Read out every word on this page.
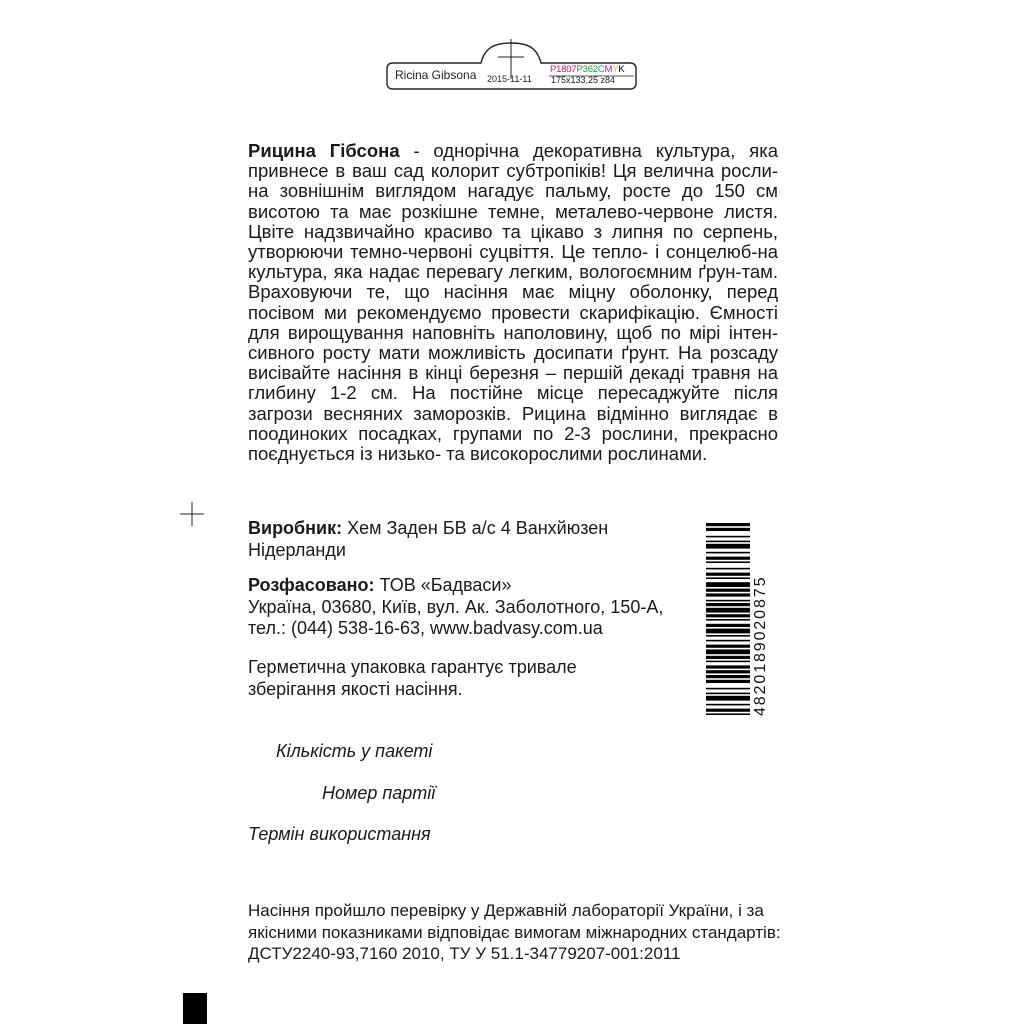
Ricina Gibsona 2015-11-11
P1807P362CMYK
175x133,25 z84

Рицина Гібсона - однорічна декоративна культура, яка привнесе в ваш сад колорит субтропіків! Ця велична росли-на зовнішнім виглядом нагадує пальму, росте до 150 см висотою та має розкішне темне, металево-червоне листя. Цвіте надзвичайно красиво та цікаво з липня по серпень, утворюючи темно-червоні суцвіття. Це тепло- і сонцелюб-на культура, яка надає перевагу легким, вологоємним ґрун-там. Враховуючи те, що насіння має міцну оболонку, перед посівом ми рекомендуємо провести скарифікацію. Ємності для вирощування наповніть наполовину, щоб по мірі інтен-сивного росту мати можливість досипати ґрунт. На розсаду висівайте насіння в кінці березня – першій декаді травня на глибину 1-2 см. На постійне місце пересаджуйте після загрози весняних заморозків. Рицина відмінно виглядає в поодиноких посадках, групами по 2-3 рослини, прекрасно поєднується із низько- та високорослими рослинами.

Виробник: Хем Заден БВ а/с 4 Ванхйюзен
Нідерланди

Розфасовано: ТОВ «Бадваси»
Україна, 03680, Київ, вул. Ак. Заболотного, 150-А,
тел.: (044) 538-16-63, www.badvasy.com.ua

Герметична упаковка гарантує тривале
зберігання якості насіння.	4820189020875
Кількість у пакеті
Номер партії
Термін використання

Насіння пройшло перевірку у Державній лабораторії України, і за
якісними показниками відповідає вимогам міжнародних стандартів:
ДСТУ2240-93,7160 2010, ТУ У 51.1-34779207-001:2011
